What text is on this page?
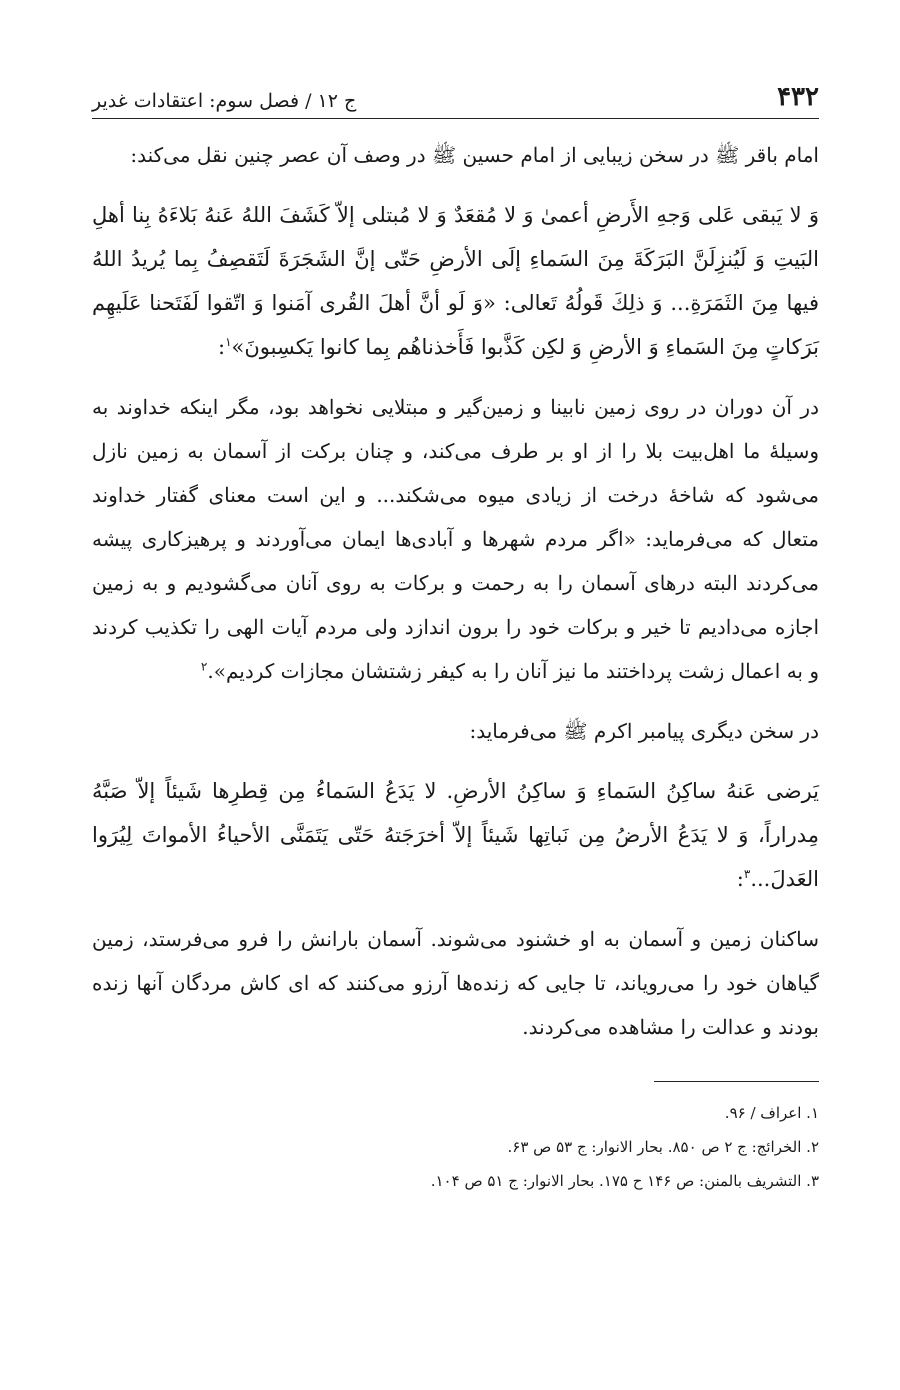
۴۳۲
ج ۱۲ / فصل سوم: اعتقادات غدیر

امام باقر ﷺ در سخن زیبایی از امام حسین ﷺ در وصف آن عصر چنین نقل می‌کند:

وَ لا يَبقى عَلى وَجهِ الأَرضِ أعمىٰ وَ لا مُقعَدٌ وَ لا مُبتلى إلاّ كَشَفَ اللهُ عَنهُ بَلاءَهُ بِنا أهلِ البَيتِ وَ لَيُنزِلَنَّ البَرَكَةَ مِنَ السَماءِ إلَى الأرضِ حَتّى إنَّ الشَجَرَةَ لَتَقصِفُ بِما يُريدُ اللهُ فيها مِنَ الثَمَرَةِ... وَ ذلِكَ قَولُهُ تَعالى: «وَ لَو أنَّ أهلَ القُرى آمَنوا وَ اتّقوا لَفَتَحنا عَلَيهِم بَرَكاتٍ مِنَ السَماءِ وَ الأرضِ وَ لكِن كَذَّبوا فَأَخذناهُم بِما كانوا يَكسِبونَ»$^۱$:

در آن دوران در روی زمین نابینا و زمین‌گیر و مبتلایی نخواهد بود، مگر اینکه خداوند به وسیلهٔ ما اهل‌بیت بلا را از او بر طرف می‌کند، و چنان برکت از آسمان به زمین نازل می‌شود که شاخهٔ درخت از زیادی میوه می‌شکند... و این است معنای گفتار خداوند متعال که می‌فرماید: «اگر مردم شهرها و آبادی‌ها ایمان می‌آوردند و پرهیزکاری پیشه می‌کردند البته درهای آسمان را به رحمت و برکات به روی آنان می‌گشودیم و به زمین اجازه می‌دادیم تا خیر و برکات خود را برون اندازد ولی مردم آیات الهی را تکذیب کردند و به اعمال زشت پرداختند ما نیز آنان را به کیفر زشتشان مجازات کردیم».$^۲$

در سخن دیگری پیامبر اکرم ﷺ می‌فرماید:

يَرضى عَنهُ ساكِنُ السَماءِ وَ ساكِنُ الأرضِ. لا يَدَعُ السَماءُ مِن قِطرِها شَيئاً إلاّ صَبَّهُ مِدراراً، وَ لا يَدَعُ الأرضُ مِن نَباتِها شَيئاً إلاّ أخرَجَتهُ حَتّى يَتَمَنَّى الأحياءُ الأمواتَ لِيُرَوا العَدلَ...$^۳$:

ساکنان زمین و آسمان به او خشنود می‌شوند. آسمان بارانش را فرو می‌فرستد، زمین گیاهان خود را می‌رویاند، تا جایی که زنده‌ها آرزو می‌کنند که ای کاش مردگان آنها زنده بودند و عدالت را مشاهده می‌کردند.

۱. اعراف / ۹۶.

۲. الخرائج: ج ۲ ص ۸۵۰. بحار الانوار: ج ۵۳ ص ۶۳.

۳. التشریف بالمنن: ص ۱۴۶ ح ۱۷۵. بحار الانوار: ج ۵۱ ص ۱۰۴.
